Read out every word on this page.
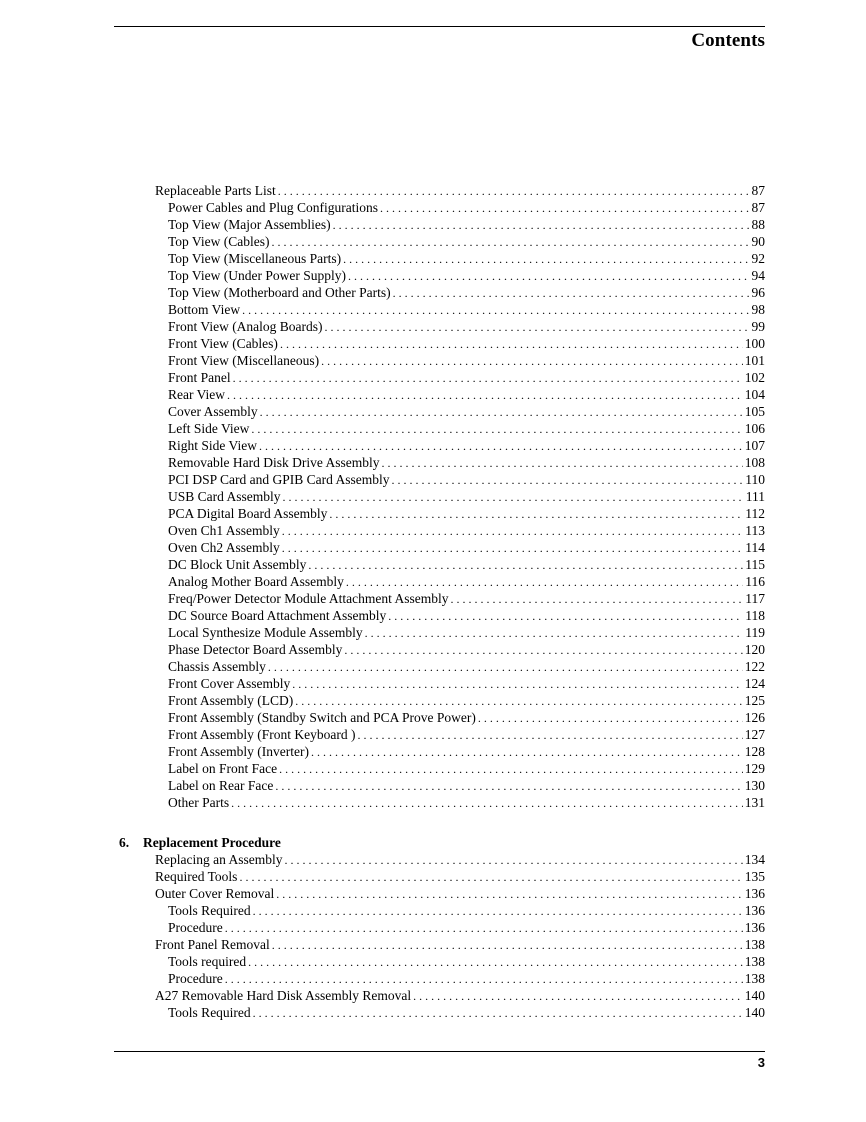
Contents
Replaceable Parts List . . .	87
Power Cables and Plug Configurations . . .	87
Top View (Major Assemblies) . . .	88
Top View (Cables) . . .	90
Top View (Miscellaneous Parts) . . .	92
Top View (Under Power Supply) . . .	94
Top View (Motherboard and Other Parts) . . .	96
Bottom View . . .	98
Front View (Analog Boards) . . .	99
Front View (Cables) . . .	100
Front View (Miscellaneous) . . .	101
Front Panel . . .	102
Rear View . . .	104
Cover Assembly . . .	105
Left Side View . . .	106
Right Side View . . .	107
Removable Hard Disk Drive Assembly . . .	108
PCI DSP Card and GPIB Card Assembly . . .	110
USB Card Assembly . . .	111
PCA Digital Board Assembly . . .	112
Oven Ch1 Assembly . . .	113
Oven Ch2 Assembly . . .	114
DC Block Unit Assembly . . .	115
Analog Mother Board Assembly . . .	116
Freq/Power Detector Module Attachment Assembly . . .	117
DC Source Board Attachment Assembly . . .	118
Local Synthesize Module Assembly . . .	119
Phase Detector Board Assembly . . .	120
Chassis Assembly . . .	122
Front Cover Assembly . . .	124
Front Assembly (LCD) . . .	125
Front Assembly (Standby Switch and PCA Prove Power) . . .	126
Front Assembly (Front Keyboard ) . . .	127
Front Assembly (Inverter) . . .	128
Label on Front Face . . .	129
Label on Rear Face . . .	130
Other Parts . . .	131
6. Replacement Procedure
Replacing an Assembly . . .	134
Required Tools . . .	135
Outer Cover Removal . . .	136
Tools Required . . .	136
Procedure . . .	136
Front Panel Removal . . .	138
Tools required . . .	138
Procedure . . .	138
A27 Removable Hard Disk Assembly Removal . . .	140
Tools Required . . .	140
3
